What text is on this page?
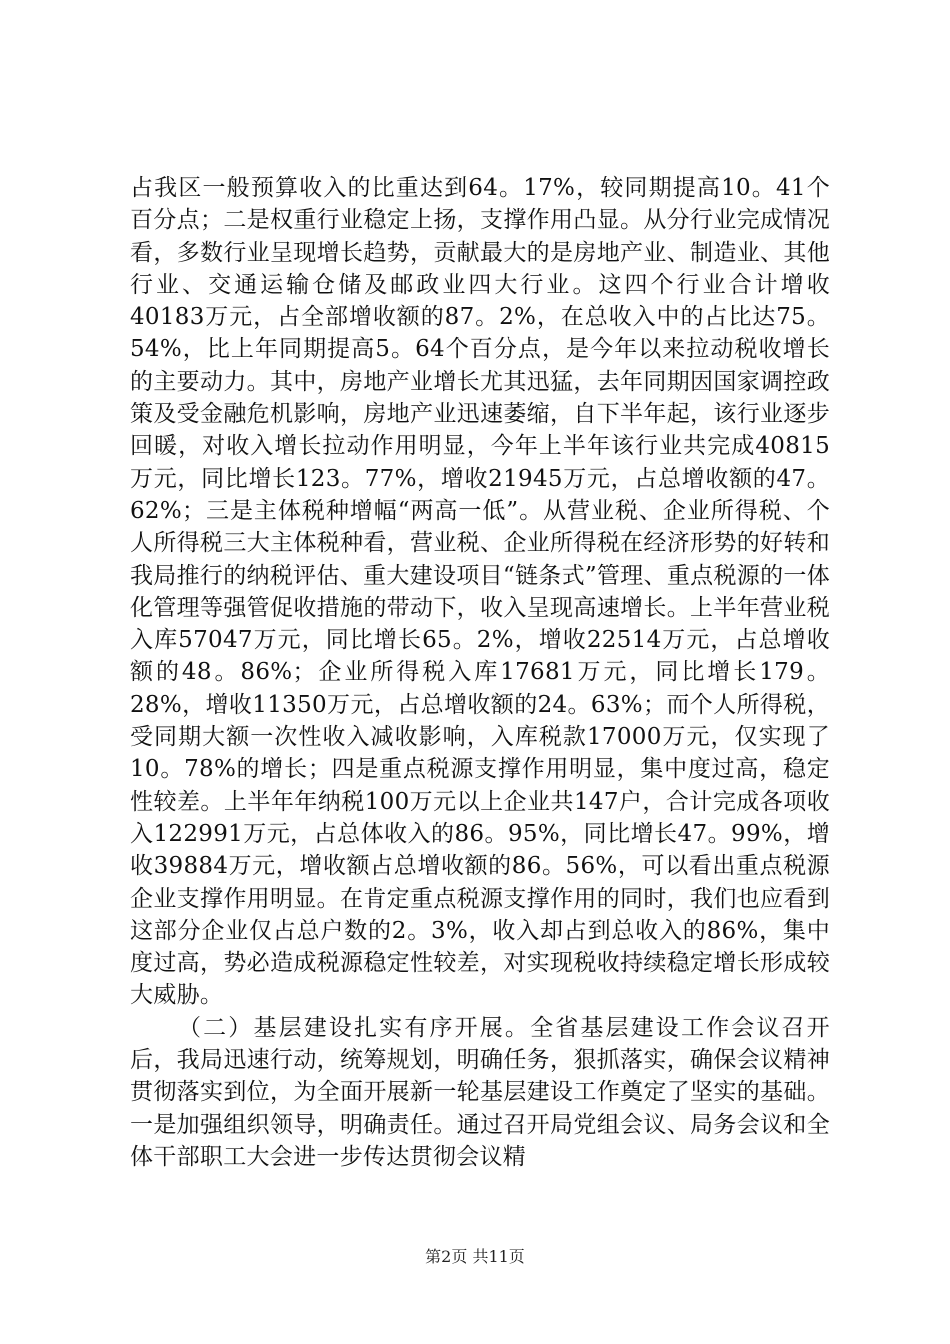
占我区一般预算收入的比重达到64。17%，较同期提高10。41个百分点；二是权重行业稳定上扬，支撑作用凸显。从分行业完成情况看，多数行业呈现增长趋势，贡献最大的是房地产业、制造业、其他行业、交通运输仓储及邮政业四大行业。这四个行业合计增收40183万元，占全部增收额的87。2%，在总收入中的占比达75。54%，比上年同期提高5。64个百分点，是今年以来拉动税收增长的主要动力。其中，房地产业增长尤其迅猛，去年同期因国家调控政策及受金融危机影响，房地产业迅速萎缩，自下半年起，该行业逐步回暖，对收入增长拉动作用明显，今年上半年该行业共完成40815万元，同比增长123。77%，增收21945万元，占总增收额的47。62%；三是主体税种增幅“两高一低”。从营业税、企业所得税、个人所得税三大主体税种看，营业税、企业所得税在经济形势的好转和我局推行的纳税评估、重大建设项目“链条式”管理、重点税源的一体化管理等强管促收措施的带动下，收入呈现高速增长。上半年营业税入库57047万元，同比增长65。2%，增收22514万元，占总增收额的48。86%；企业所得税入库17681万元，同比增长179。28%，增收11350万元，占总增收额的24。63%；而个人所得税，受同期大额一次性收入减收影响，入库税款17000万元，仅实现了10。78%的增长；四是重点税源支撑作用明显，集中度过高，稳定性较差。上半年年纳税100万元以上企业共147户，合计完成各项收入122991万元，占总体收入的86。95%，同比增长47。99%，增收39884万元，增收额占总增收额的86。56%，可以看出重点税源企业支撑作用明显。在肯定重点税源支撑作用的同时，我们也应看到这部分企业仅占总户数的2。3%，收入却占到总收入的86%，集中度过高，势必造成税源稳定性较差，对实现税收持续稳定增长形成较大威胁。

（二）基层建设扎实有序开展。全省基层建设工作会议召开后，我局迅速行动，统筹规划，明确任务，狠抓落实，确保会议精神贯彻落实到位，为全面开展新一轮基层建设工作奠定了坚实的基础。一是加强组织领导，明确责任。通过召开局党组会议、局务会议和全体干部职工大会进一步传达贯彻会议精

第2页 共11页
